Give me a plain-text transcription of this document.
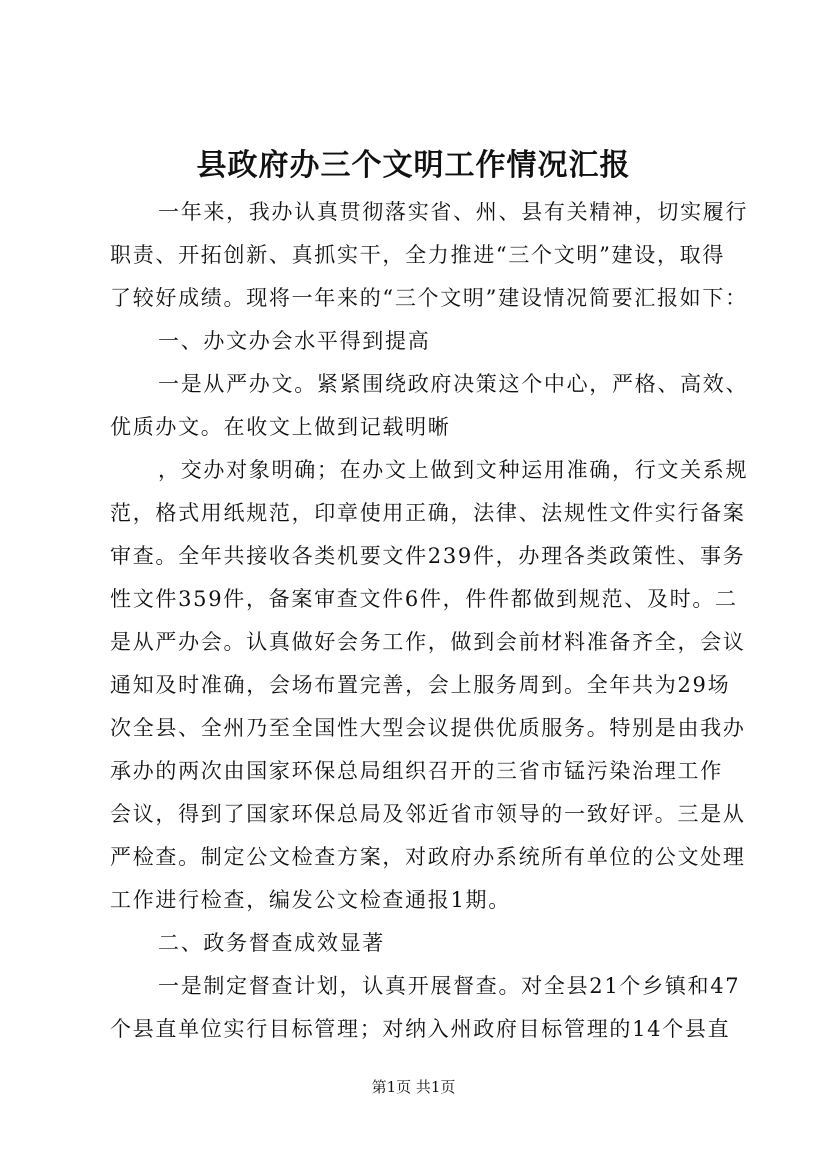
县政府办三个文明工作情况汇报
一年来，我办认真贯彻落实省、州、县有关精神，切实履行
职责、开拓创新、真抓实干，全力推进“三个文明”建设，取得
了较好成绩。现将一年来的“三个文明”建设情况简要汇报如下：
一、办文办会水平得到提高
一是从严办文。紧紧围绕政府决策这个中心，严格、高效、
优质办文。在收文上做到记载明晰
，交办对象明确；在办文上做到文种运用准确，行文关系规
范，格式用纸规范，印章使用正确，法律、法规性文件实行备案
审查。全年共接收各类机要文件239件，办理各类政策性、事务
性文件359件，备案审查文件6件，件件都做到规范、及时。二
是从严办会。认真做好会务工作，做到会前材料准备齐全，会议
通知及时准确，会场布置完善，会上服务周到。全年共为29场
次全县、全州乃至全国性大型会议提供优质服务。特别是由我办
承办的两次由国家环保总局组织召开的三省市锰污染治理工作
会议，得到了国家环保总局及邻近省市领导的一致好评。三是从
严检查。制定公文检查方案，对政府办系统所有单位的公文处理
工作进行检查，编发公文检查通报1期。
二、政务督查成效显著
一是制定督查计划，认真开展督查。对全县21个乡镇和47
个县直单位实行目标管理；对纳入州政府目标管理的14个县直
第1页 共1页
